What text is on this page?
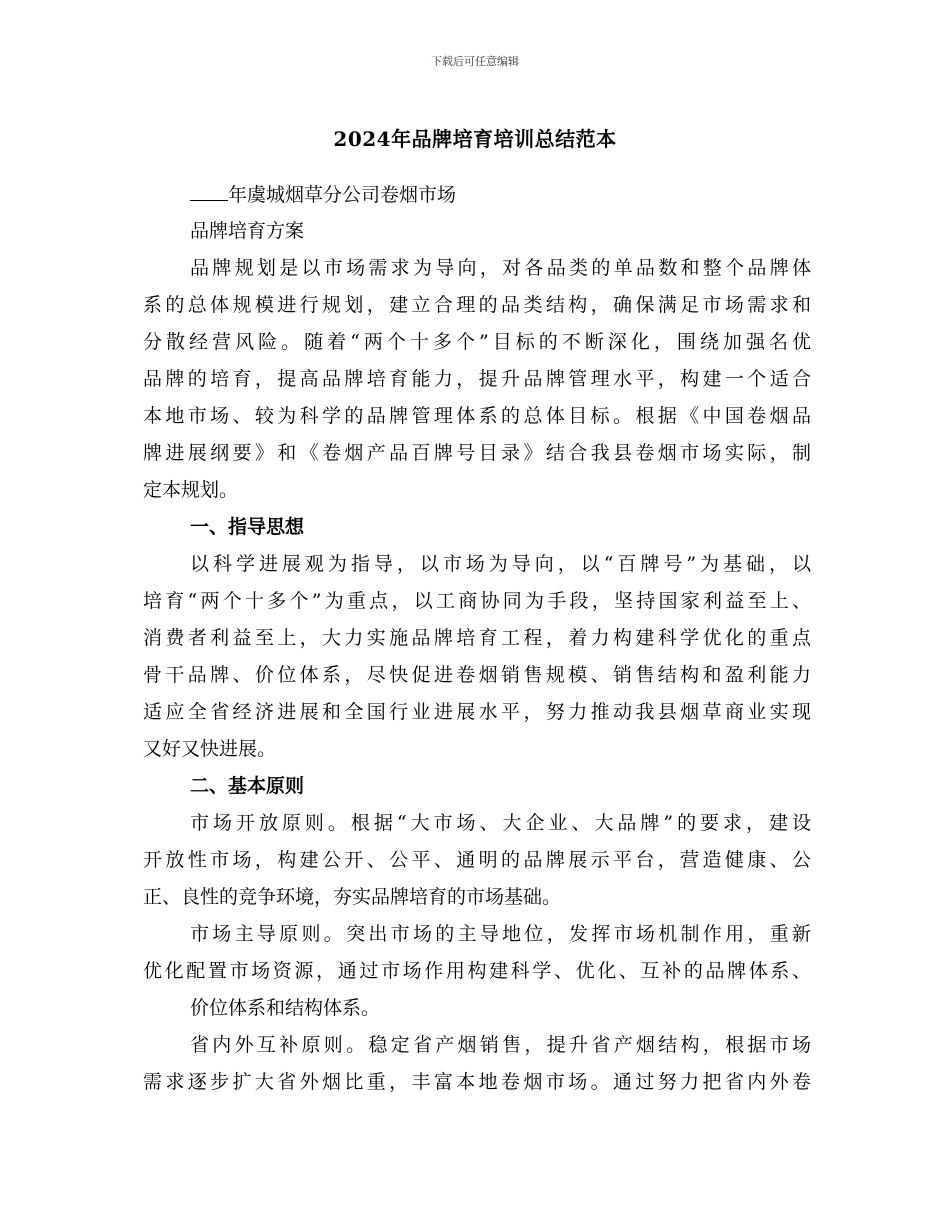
下载后可任意编辑
2024年品牌培育培训总结范本
年虞城烟草分公司卷烟市场
品牌培育方案
品牌规划是以市场需求为导向，对各品类的单品数和整个品牌体
系的总体规模进行规划，建立合理的品类结构，确保满足市场需求和
分散经营风险。随着“两个十多个”目标的不断深化，围绕加强名优
品牌的培育，提高品牌培育能力，提升品牌管理水平，构建一个适合
本地市场、较为科学的品牌管理体系的总体目标。根据《中国卷烟品
牌进展纲要》和《卷烟产品百牌号目录》结合我县卷烟市场实际，制
定本规划。
一、指导思想
以科学进展观为指导，以市场为导向，以“百牌号”为基础，以
培育“两个十多个”为重点，以工商协同为手段，坚持国家利益至上、
消费者利益至上，大力实施品牌培育工程，着力构建科学优化的重点
骨干品牌、价位体系，尽快促进卷烟销售规模、销售结构和盈利能力
适应全省经济进展和全国行业进展水平，努力推动我县烟草商业实现
又好又快进展。
二、基本原则
市场开放原则。根据“大市场、大企业、大品牌”的要求，建设
开放性市场，构建公开、公平、通明的品牌展示平台，营造健康、公
正、良性的竞争环境，夯实品牌培育的市场基础。
市场主导原则。突出市场的主导地位，发挥市场机制作用，重新
优化配置市场资源，通过市场作用构建科学、优化、互补的品牌体系、
价位体系和结构体系。
省内外互补原则。稳定省产烟销售，提升省产烟结构，根据市场
需求逐步扩大省外烟比重，丰富本地卷烟市场。通过努力把省内外卷
